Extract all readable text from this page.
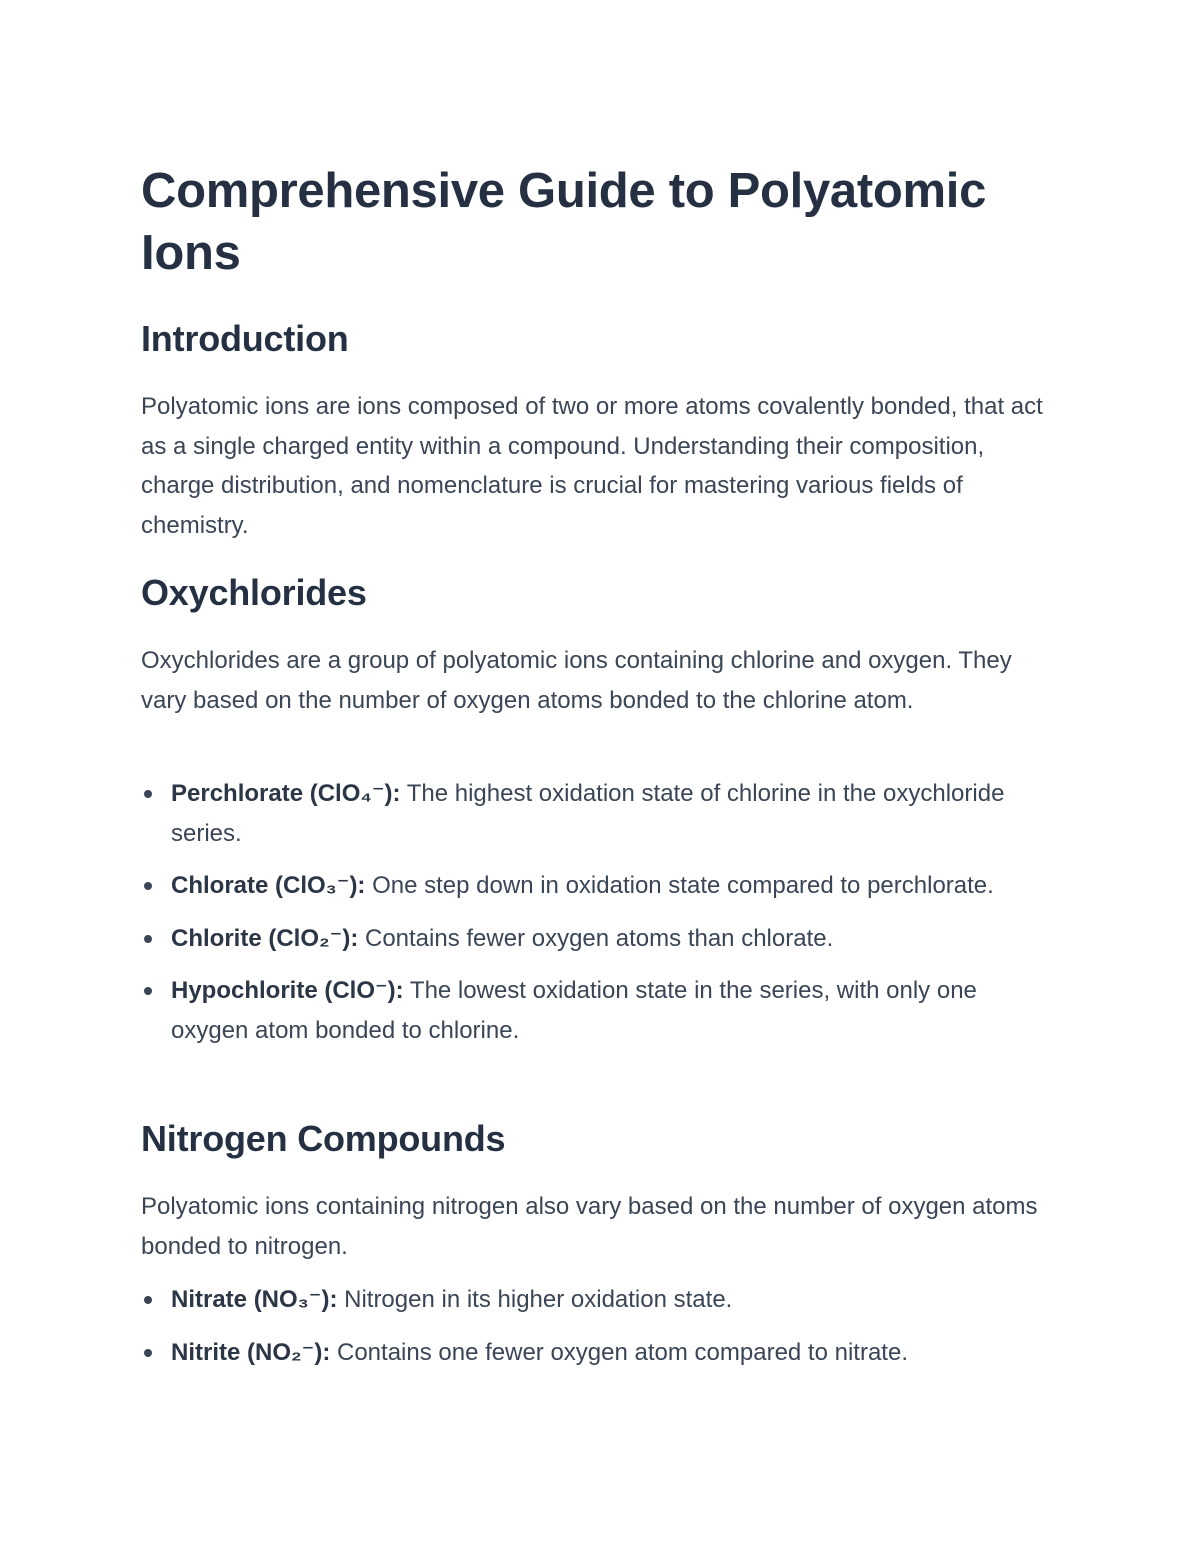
Comprehensive Guide to Polyatomic Ions
Introduction

Polyatomic ions are ions composed of two or more atoms covalently bonded, that act as a single charged entity within a compound. Understanding their composition, charge distribution, and nomenclature is crucial for mastering various fields of chemistry.

Oxychlorides

Oxychlorides are a group of polyatomic ions containing chlorine and oxygen. They vary based on the number of oxygen atoms bonded to the chlorine atom.

Perchlorate (ClO₄⁻): The highest oxidation state of chlorine in the oxychloride series.
Chlorate (ClO₃⁻): One step down in oxidation state compared to perchlorate.
Chlorite (ClO₂⁻): Contains fewer oxygen atoms than chlorate.
Hypochlorite (ClO⁻): The lowest oxidation state in the series, with only one oxygen atom bonded to chlorine.
Nitrogen Compounds

Polyatomic ions containing nitrogen also vary based on the number of oxygen atoms bonded to nitrogen.

Nitrate (NO₃⁻): Nitrogen in its higher oxidation state.
Nitrite (NO₂⁻): Contains one fewer oxygen atom compared to nitrate.
